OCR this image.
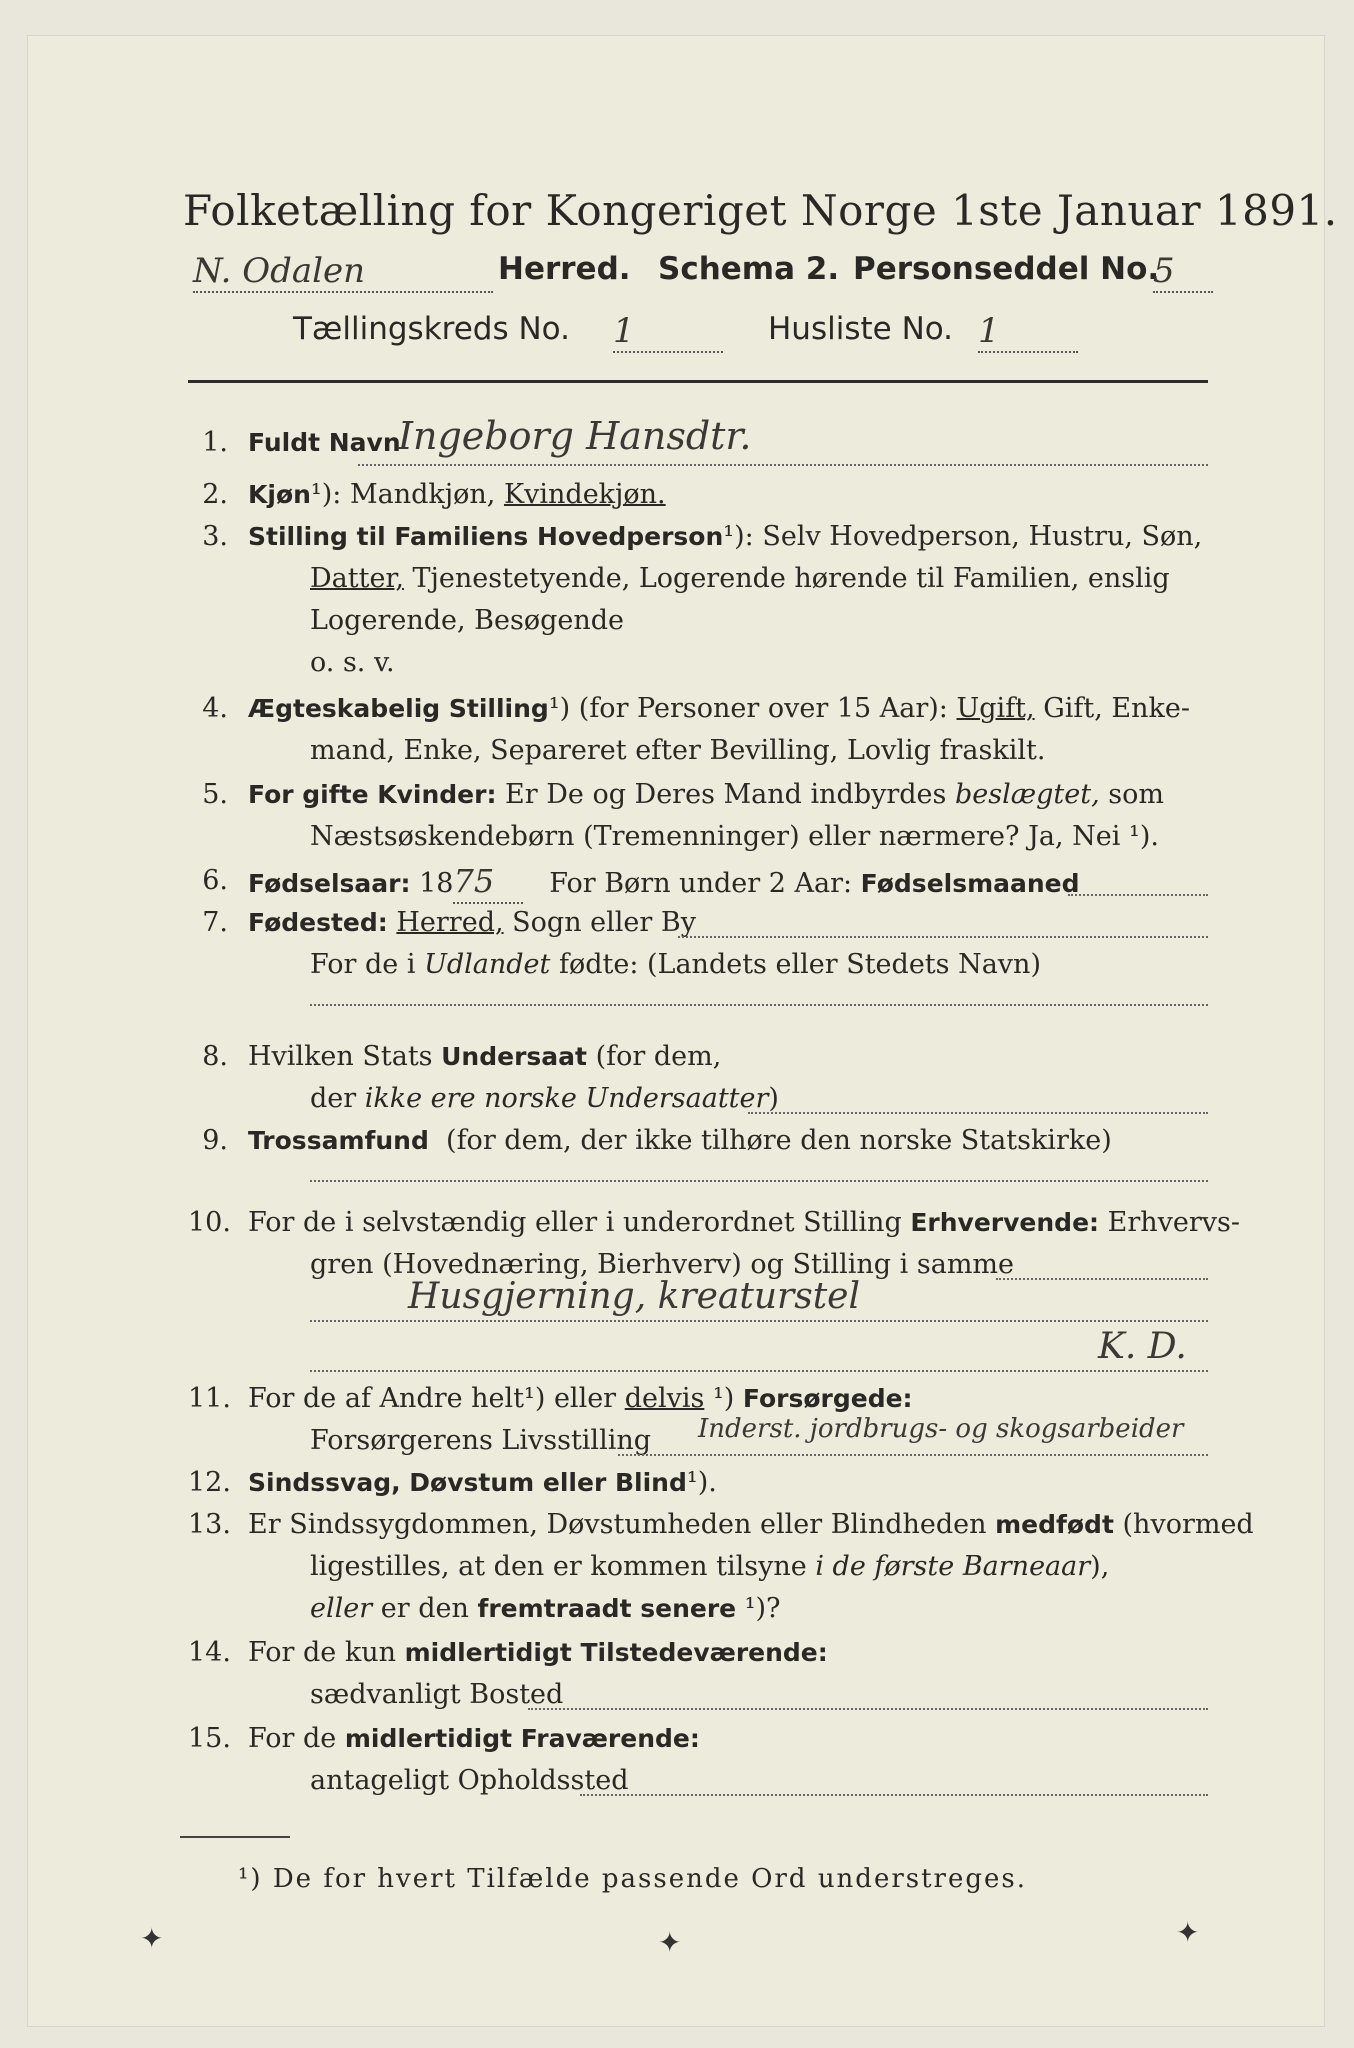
Folketælling for Kongeriget Norge 1ste Januar 1891.
N. Odalen	Herred. Schema 2. Personseddel No.
5
Tællingskreds No. 1	Husliste No. 1
1. Fuldt Navn
Ingeborg Hansdtr.
2. Kjøn¹): Mandkjøn, Kvindekjøn.
3. Stilling til Familiens Hovedperson¹): Selv Hovedperson, Hustru, Søn,
Datter, Tjenestetyende, Logerende hørende til Familien, enslig
Logerende, Besøgende
o. s. v.
4. Ægteskabelig Stilling¹) (for Personer over 15 Aar): Ugift, Gift, Enke-
mand, Enke, Separeret efter Bevilling, Lovlig fraskilt.
5. For gifte Kvinder: Er De og Deres Mand indbyrdes beslægtet, som
Næstsøskendebørn (Tremenninger) eller nærmere? Ja, Nei ¹).
6. Fødselsaar: 1875 For Børn under 2 Aar: Fødselsmaaned
7. Fødested: Herred, Sogn eller By
For de i Udlandet fødte: (Landets eller Stedets Navn)
8. Hvilken Stats Undersaat (for dem,
der ikke ere norske Undersaatter)
9. Trossamfund (for dem, der ikke tilhøre den norske Statskirke)
10. For de i selvstændig eller i underordnet Stilling Erhvervende: Erhvervs-
gren (Hovednæring, Bierhverv) og Stilling i samme
Husgjerning, kreaturstel
K. D.
11. For de af Andre helt¹) eller delvis ¹) Forsørgede:
Forsørgerens Livsstilling Inderst. jordbrugs- og skogsarbeider
12. Sindssvag, Døvstum eller Blind¹).
13. Er Sindssygdommen, Døvstumheden eller Blindheden medfødt (hvormed
ligestilles, at den er kommen tilsyne i de første Barneaar),
eller er den fremtraadt senere ¹)?
14. For de kun midlertidigt Tilstedeværende:
sædvanligt Bosted
15. For de midlertidigt Fraværende:
antageligt Opholdssted
¹) De for hvert Tilfælde passende Ord understreges.
✦	✦	✦
